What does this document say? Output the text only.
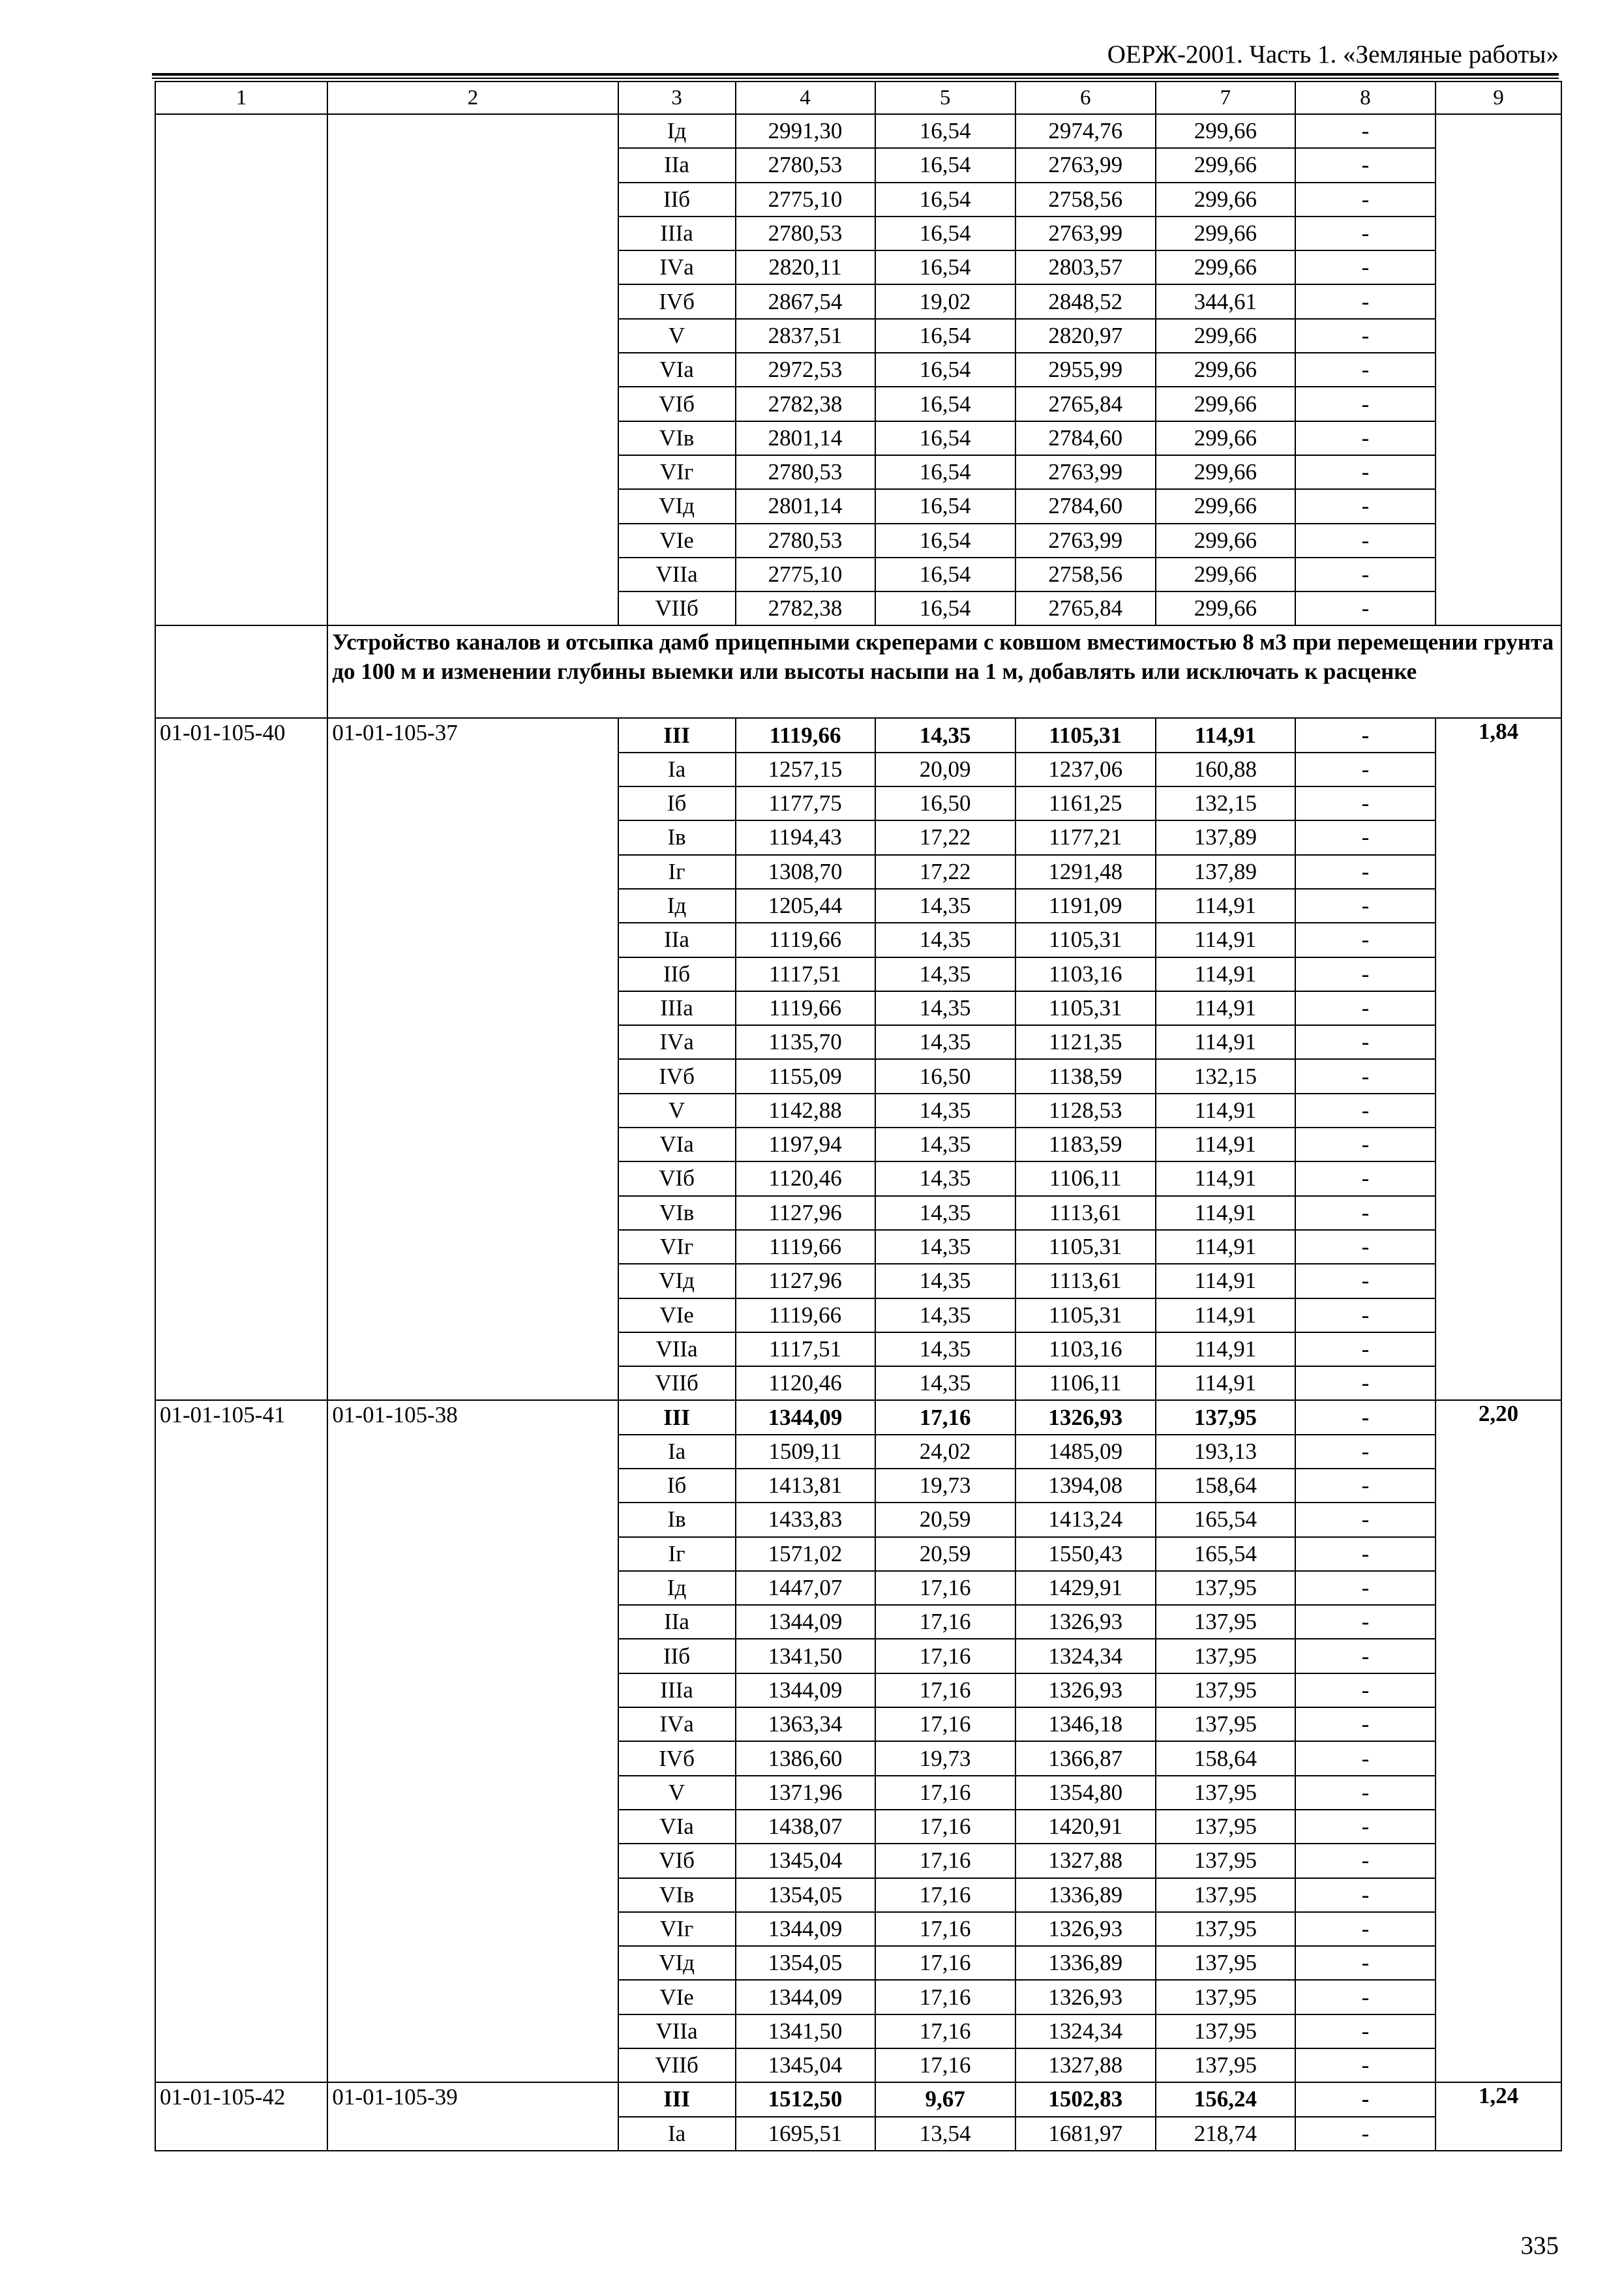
ОЕРЖ-2001. Часть 1. «Земляные работы»
1	2	3	4	5	6	7	8	9
		Iд	2991,30	16,54	2974,76	299,66	-	
		IIа	2780,53	16,54	2763,99	299,66	-	
		IIб	2775,10	16,54	2758,56	299,66	-	
		IIIа	2780,53	16,54	2763,99	299,66	-	
		IVа	2820,11	16,54	2803,57	299,66	-	
		IVб	2867,54	19,02	2848,52	344,61	-	
		V	2837,51	16,54	2820,97	299,66	-	
		VIа	2972,53	16,54	2955,99	299,66	-	
		VIб	2782,38	16,54	2765,84	299,66	-	
		VIв	2801,14	16,54	2784,60	299,66	-	
		VIг	2780,53	16,54	2763,99	299,66	-	
		VIд	2801,14	16,54	2784,60	299,66	-	
		VIе	2780,53	16,54	2763,99	299,66	-	
		VIIа	2775,10	16,54	2758,56	299,66	-	
		VIIб	2782,38	16,54	2765,84	299,66	-	
	Устройство каналов и отсыпка дамб прицепными скреперами с ковшом вместимостью 8 м3 при перемещении грунта до 100 м и изменении глубины выемки или высоты насыпи на 1 м, добавлять или исключать к расценке							
01-01-105-40	01-01-105-37	III	1119,66	14,35	1105,31	114,91	-	1,84
		Iа	1257,15	20,09	1237,06	160,88	-	
		Iб	1177,75	16,50	1161,25	132,15	-	
		Iв	1194,43	17,22	1177,21	137,89	-	
		Iг	1308,70	17,22	1291,48	137,89	-	
		Iд	1205,44	14,35	1191,09	114,91	-	
		IIа	1119,66	14,35	1105,31	114,91	-	
		IIб	1117,51	14,35	1103,16	114,91	-	
		IIIа	1119,66	14,35	1105,31	114,91	-	
		IVа	1135,70	14,35	1121,35	114,91	-	
		IVб	1155,09	16,50	1138,59	132,15	-	
		V	1142,88	14,35	1128,53	114,91	-	
		VIа	1197,94	14,35	1183,59	114,91	-	
		VIб	1120,46	14,35	1106,11	114,91	-	
		VIв	1127,96	14,35	1113,61	114,91	-	
		VIг	1119,66	14,35	1105,31	114,91	-	
		VIд	1127,96	14,35	1113,61	114,91	-	
		VIе	1119,66	14,35	1105,31	114,91	-	
		VIIа	1117,51	14,35	1103,16	114,91	-	
		VIIб	1120,46	14,35	1106,11	114,91	-	
01-01-105-41	01-01-105-38	III	1344,09	17,16	1326,93	137,95	-	2,20
		Iа	1509,11	24,02	1485,09	193,13	-	
		Iб	1413,81	19,73	1394,08	158,64	-	
		Iв	1433,83	20,59	1413,24	165,54	-	
		Iг	1571,02	20,59	1550,43	165,54	-	
		Iд	1447,07	17,16	1429,91	137,95	-	
		IIа	1344,09	17,16	1326,93	137,95	-	
		IIб	1341,50	17,16	1324,34	137,95	-	
		IIIа	1344,09	17,16	1326,93	137,95	-	
		IVа	1363,34	17,16	1346,18	137,95	-	
		IVб	1386,60	19,73	1366,87	158,64	-	
		V	1371,96	17,16	1354,80	137,95	-	
		VIа	1438,07	17,16	1420,91	137,95	-	
		VIб	1345,04	17,16	1327,88	137,95	-	
		VIв	1354,05	17,16	1336,89	137,95	-	
		VIг	1344,09	17,16	1326,93	137,95	-	
		VIд	1354,05	17,16	1336,89	137,95	-	
		VIе	1344,09	17,16	1326,93	137,95	-	
		VIIа	1341,50	17,16	1324,34	137,95	-	
		VIIб	1345,04	17,16	1327,88	137,95	-	
01-01-105-42	01-01-105-39	III	1512,50	9,67	1502,83	156,24	-	1,24
		Iа	1695,51	13,54	1681,97	218,74	-	
335
